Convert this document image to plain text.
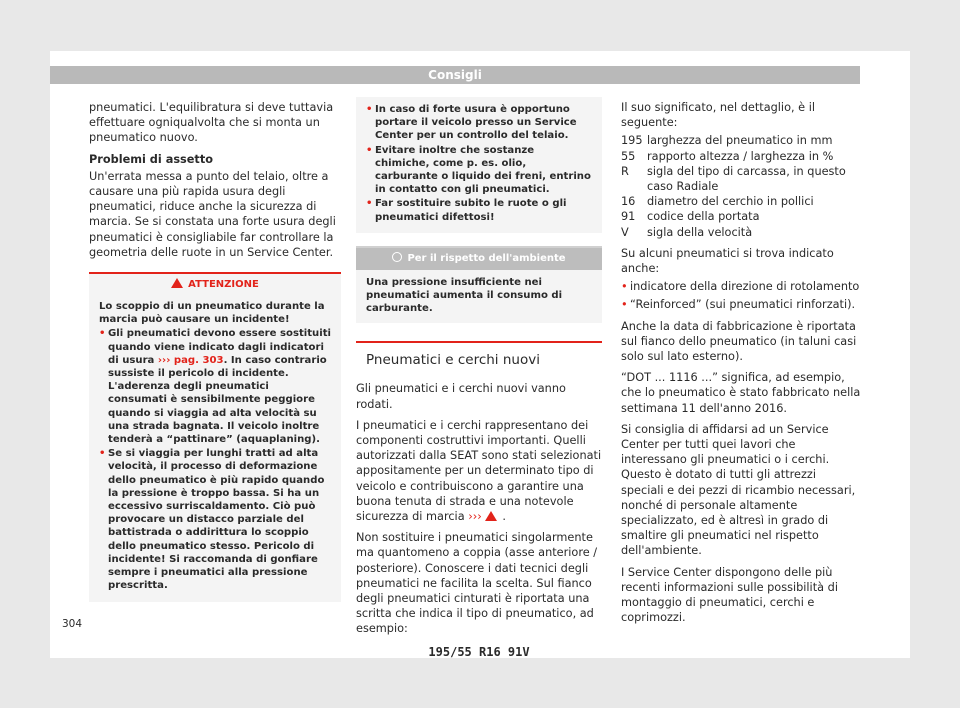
Consigli

pneumatici. L'equilibratura si deve tuttavia effettuare ogniqualvolta che si monta un pneumatico nuovo.

Problemi di assetto

Un'errata messa a punto del telaio, oltre a causare una più rapida usura degli pneumatici, riduce anche la sicurezza di marcia. Se si constata una forte usura degli pneumatici è consigliabile far controllare la geometria delle ruote in un Service Center.

ATTENZIONE
Lo scoppio di un pneumatico durante la marcia può causare un incidente!
• Gli pneumatici devono essere sostituiti quando viene indicato dagli indicatori di usura ››› pag. 303. In caso contrario sussiste il pericolo di incidente. L'aderenza degli pneumatici consumati è sensibilmente peggiore quando si viaggia ad alta velocità su una strada bagnata. Il veicolo inoltre tenderà a “pattinare” (aquaplaning).
• Se si viaggia per lunghi tratti ad alta velocità, il processo di deformazione dello pneumatico è più rapido quando la pressione è troppo bassa. Si ha un eccessivo surriscaldamento. Ciò può provocare un distacco parziale del battistrada o addirittura lo scoppio dello pneumatico stesso. Pericolo di incidente! Si raccomanda di gonfiare sempre i pneumatici alla pressione prescritta.
• In caso di forte usura è opportuno portare il veicolo presso un Service Center per un controllo del telaio.
• Evitare inoltre che sostanze chimiche, come p. es. olio, carburante o liquido dei freni, entrino in contatto con gli pneumatici.
• Far sostituire subito le ruote o gli pneumatici difettosi!
Per il rispetto dell'ambiente
Una pressione insufficiente nei pneumatici aumenta il consumo di carburante.
Pneumatici e cerchi nuovi

Gli pneumatici e i cerchi nuovi vanno rodati.

I pneumatici e i cerchi rappresentano dei componenti costruttivi importanti. Quelli autorizzati dalla SEAT sono stati selezionati appositamente per un determinato tipo di veicolo e contribuiscono a garantire una buona tenuta di strada e una notevole sicurezza di marcia ››› .

Non sostituire i pneumatici singolarmente ma quantomeno a coppia (asse anteriore / posteriore). Conoscere i dati tecnici degli pneumatici ne facilita la scelta. Sul fianco degli pneumatici cinturati è riportata una scritta che indica il tipo di pneumatico, ad esempio:

195/55 R16 91V

Il suo significato, nel dettaglio, è il seguente:

195 larghezza del pneumatico in mm
55	rapporto altezza / larghezza in %
R	sigla del tipo di carcassa, in questo caso Radiale
16	diametro del cerchio in pollici
91	codice della portata
V	sigla della velocità

Su alcuni pneumatici si trova indicato anche:

• indicatore della direzione di rotolamento
• “Reinforced” (sui pneumatici rinforzati).

Anche la data di fabbricazione è riportata sul fianco dello pneumatico (in taluni casi solo sul lato esterno).

“DOT ... 1116 ...” significa, ad esempio, che lo pneumatico è stato fabbricato nella settimana 11 dell'anno 2016.

Si consiglia di affidarsi ad un Service Center per tutti quei lavori che interessano gli pneumatici o i cerchi. Questo è dotato di tutti gli attrezzi speciali e dei pezzi di ricambio necessari, nonché di personale altamente specializzato, ed è altresì in grado di smaltire gli pneumatici nel rispetto dell'ambiente.

I Service Center dispongono delle più recenti informazioni sulle possibilità di montaggio di pneumatici, cerchi e coprimozzi.

304
